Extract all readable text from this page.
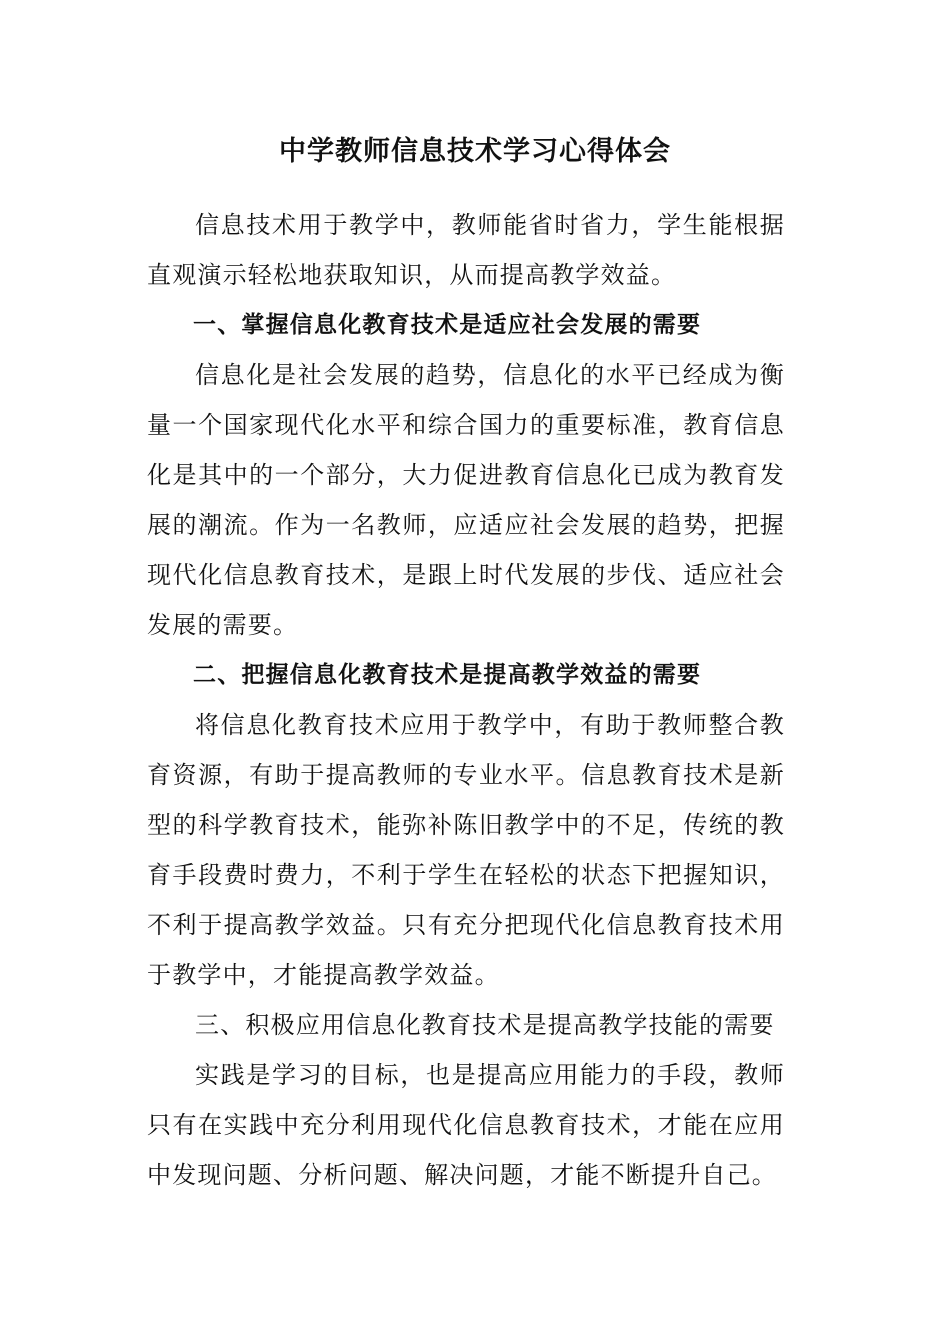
中学教师信息技术学习心得体会

信息技术用于教学中，教师能省时省力，学生能根据直观演示轻松地获取知识，从而提高教学效益。

一、掌握信息化教育技术是适应社会发展的需要

信息化是社会发展的趋势，信息化的水平已经成为衡量一个国家现代化水平和综合国力的重要标准，教育信息化是其中的一个部分，大力促进教育信息化已成为教育发展的潮流。作为一名教师，应适应社会发展的趋势，把握现代化信息教育技术，是跟上时代发展的步伐、适应社会发展的需要。

二、把握信息化教育技术是提高教学效益的需要

将信息化教育技术应用于教学中，有助于教师整合教育资源，有助于提高教师的专业水平。信息教育技术是新型的科学教育技术，能弥补陈旧教学中的不足，传统的教育手段费时费力，不利于学生在轻松的状态下把握知识，不利于提高教学效益。只有充分把现代化信息教育技术用于教学中，才能提高教学效益。

三、积极应用信息化教育技术是提高教学技能的需要

实践是学习的目标，也是提高应用能力的手段，教师只有在实践中充分利用现代化信息教育技术，才能在应用中发现问题、分析问题、解决问题，才能不断提升自己。
